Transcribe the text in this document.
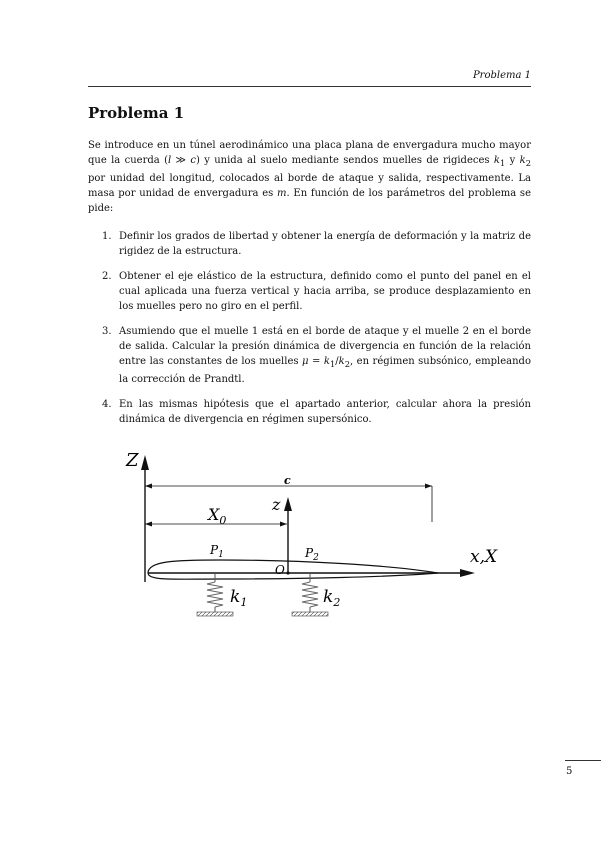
Problema 1
Problema 1

Se introduce en un túnel aerodinámico una placa plana de envergadura mucho mayor que la cuerda (l ≫ c) y unida al suelo mediante sendos muelles de rigideces $k_1$ y $k_2$ por unidad del longitud, colocados al borde de ataque y salida, respectivamente. La masa por unidad de envergadura es m. En función de los parámetros del problema se pide:

1. Definir los grados de libertad y obtener la energía de deformación y la matriz de rigidez de la estructura.
2. Obtener el eje elástico de la estructura, definido como el punto del panel en el cual aplicada una fuerza vertical y hacia arriba, se produce desplazamiento en los muelles pero no giro en el perfil.
3. Asumiendo que el muelle 1 está en el borde de ataque y el muelle 2 en el borde de salida. Calcular la presión dinámica de divergencia en función de la relación entre las constantes de los muelles $\mu = k_1/k_2$, en régimen subsónico, empleando la corrección de Prandtl.
4. En las mismas hipótesis que el apartado anterior, calcular ahora la presión dinámica de divergencia en régimen supersónico.
Z
c
$X_0$
z
x,X
$P_1$	$P_2$
O
$k_1$	$k_2$
5
